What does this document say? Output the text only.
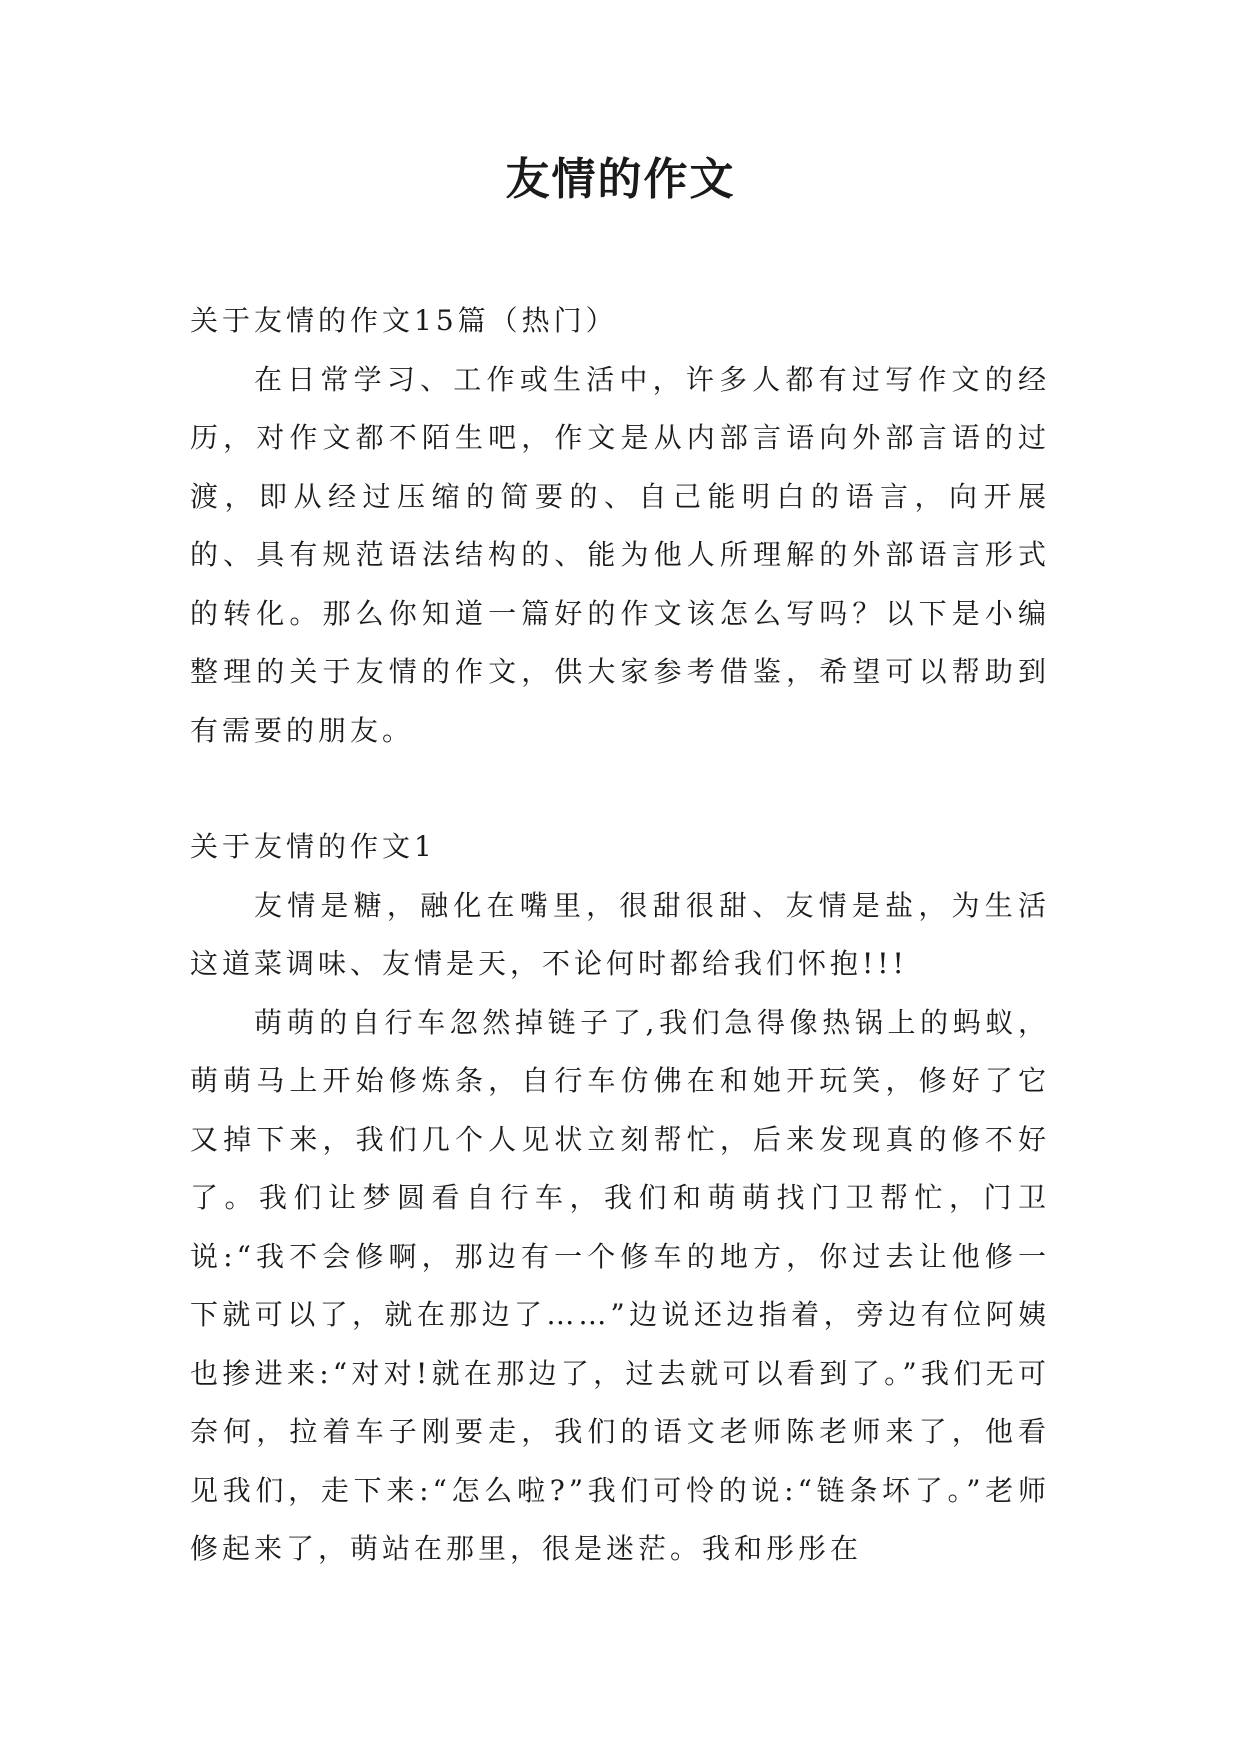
友情的作文

关于友情的作文15篇（热门）

在日常学习、工作或生活中，许多人都有过写作文的经历，对作文都不陌生吧，作文是从内部言语向外部言语的过渡，即从经过压缩的简要的、自己能明白的语言，向开展的、具有规范语法结构的、能为他人所理解的外部语言形式的转化。那么你知道一篇好的作文该怎么写吗？以下是小编整理的关于友情的作文，供大家参考借鉴，希望可以帮助到有需要的朋友。

关于友情的作文1

友情是糖，融化在嘴里，很甜很甜、友情是盐，为生活这道菜调味、友情是天，不论何时都给我们怀抱!!!

萌萌的自行车忽然掉链子了,我们急得像热锅上的蚂蚁，萌萌马上开始修炼条，自行车仿佛在和她开玩笑，修好了它又掉下来，我们几个人见状立刻帮忙，后来发现真的修不好了。我们让梦圆看自行车，我们和萌萌找门卫帮忙，门卫说:“我不会修啊，那边有一个修车的地方，你过去让他修一下就可以了，就在那边了……”边说还边指着，旁边有位阿姨也掺进来:“对对!就在那边了，过去就可以看到了。”我们无可奈何，拉着车子刚要走，我们的语文老师陈老师来了，他看见我们，走下来:“怎么啦?”我们可怜的说:“链条坏了。”老师修起来了，萌站在那里，很是迷茫。我和彤彤在
